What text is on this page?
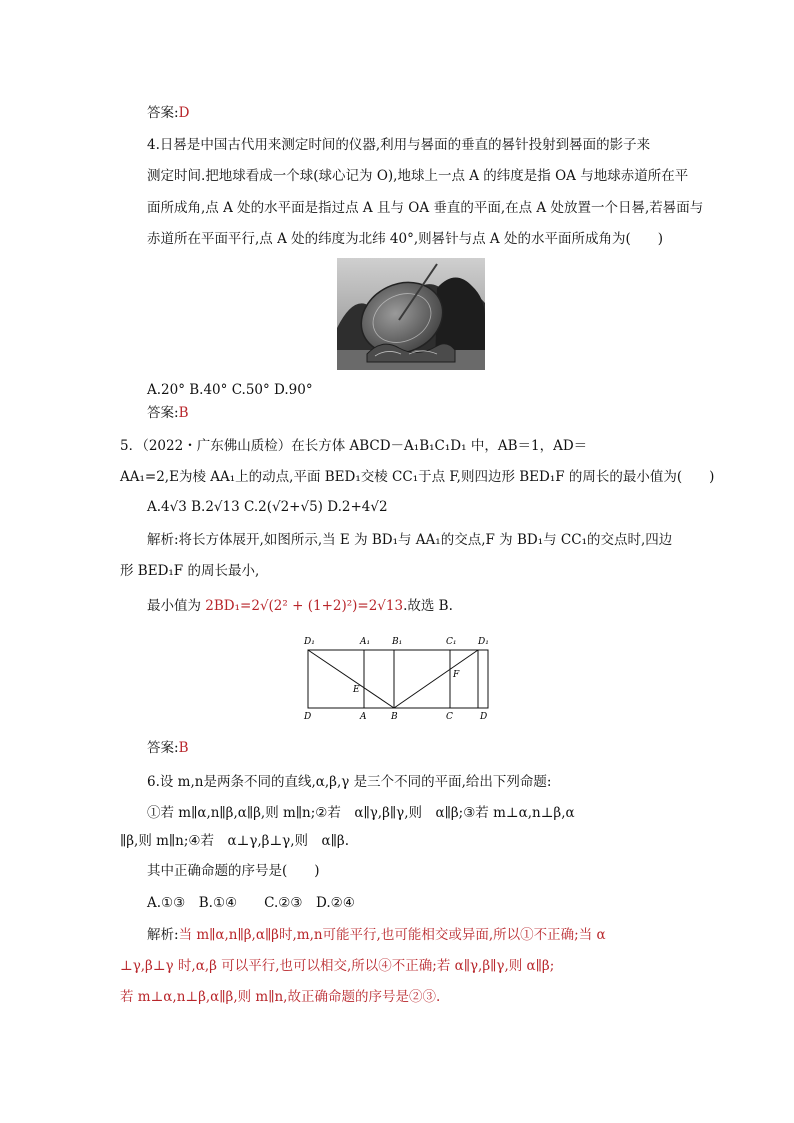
答案:D
4.日晷是中国古代用来测定时间的仪器,利用与晷面的垂直的晷针投射到晷面的影子来
测定时间.把地球看成一个球(球心记为 O),地球上一点 A 的纬度是指 OA 与地球赤道所在平
面所成角,点 A 处的水平面是指过点 A 且与 OA 垂直的平面,在点 A 处放置一个日晷,若晷面与
赤道所在平面平行,点 A 处的纬度为北纬 40°,则晷针与点 A 处的水平面所成角为(　　)
A.20° B.40° C.50° D.90°
答案:B
5．（2022・广东佛山质检）在长方体 ABCD－A₁B₁C₁D₁ 中，AB＝1，AD＝
AA₁=2,E为棱 AA₁上的动点,平面 BED₁交棱 CC₁于点 F,则四边形 BED₁F 的周长的最小值为(　　)
A.4√3 B.2√13 C.2(√2+√5) D.2+4√2
解析:将长方体展开,如图所示,当 E 为 BD₁与 AA₁的交点,F 为 BD₁与 CC₁的交点时,四边
形 BED₁F 的周长最小,
最小值为 2BD₁=2√(2² + (1+2)²)=2√13.故选 B.
D₁	A₁ B₁	C₁ D₁
D	A	B	C	D
E
F
答案:B
6.设 m,n是两条不同的直线,α,β,γ 是三个不同的平面,给出下列命题:
①若 m∥α,n∥β,α∥β,则 m∥n;②若　α∥γ,β∥γ,则　α∥β;③若 m⊥α,n⊥β,α
∥β,则 m∥n;④若　α⊥γ,β⊥γ,则　α∥β.
其中正确命题的序号是(　　)
A.①③　B.①④　　C.②③　D.②④
解析:当 m∥α,n∥β,α∥β时,m,n可能平行,也可能相交或异面,所以①不正确;当 α
⊥γ,β⊥γ 时,α,β 可以平行,也可以相交,所以④不正确;若 α∥γ,β∥γ,则 α∥β;
若 m⊥α,n⊥β,α∥β,则 m∥n,故正确命题的序号是②③.
